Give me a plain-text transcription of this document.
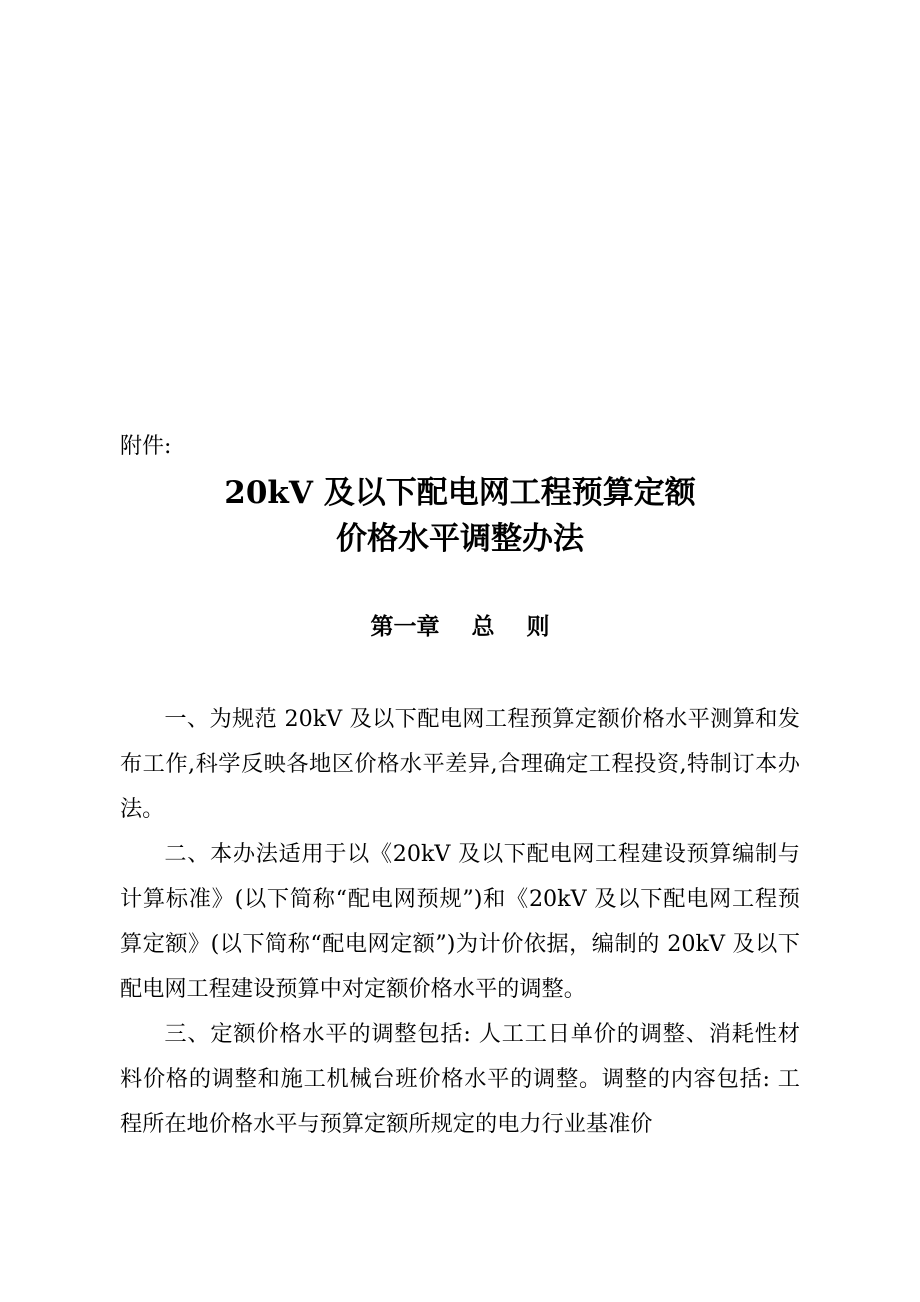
附件:

20kV 及以下配电网工程预算定额
价格水平调整办法
第一章    总    则

一、为规范 20kV 及以下配电网工程预算定额价格水平测算和发布工作,科学反映各地区价格水平差异,合理确定工程投资,特制订本办法。

二、本办法适用于以《20kV 及以下配电网工程建设预算编制与计算标准》(以下简称“配电网预规”)和《20kV 及以下配电网工程预算定额》(以下简称“配电网定额”)为计价依据，编制的 20kV 及以下配电网工程建设预算中对定额价格水平的调整。

三、定额价格水平的调整包括: 人工工日单价的调整、消耗性材料价格的调整和施工机械台班价格水平的调整。调整的内容包括: 工程所在地价格水平与预算定额所规定的电力行业基准价
